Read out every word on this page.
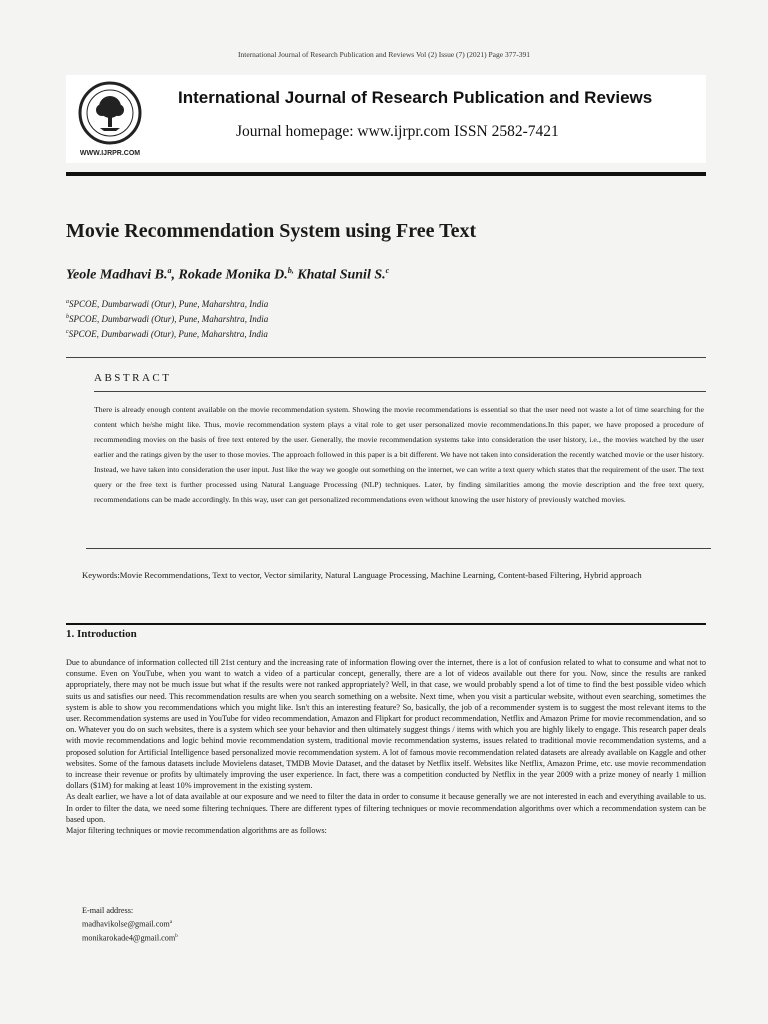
International Journal of Research Publication and Reviews Vol (2) Issue (7) (2021) Page 377-391
WWW.IJRPR.COM
International Journal of Research Publication and Reviews
Journal homepage: www.ijrpr.com ISSN 2582-7421
Movie Recommendation System using Free Text
Yeole Madhavi B.$^a$, Rokade Monika D.$^{b,}$ Khatal Sunil S.$^c$
$^a$SPCOE, Dumbarwadi (Otur), Pune, Maharshtra, India
$^b$SPCOE, Dumbarwadi (Otur), Pune, Maharshtra, India
$^c$SPCOE, Dumbarwadi (Otur), Pune, Maharshtra, India
ABSTRACT
There is already enough content available on the movie recommendation system. Showing the movie recommendations is essential so that the user need not waste a lot of time searching for the content which he/she might like. Thus, movie recommendation system plays a vital role to get user personalized movie recommendations.In this paper, we have proposed a procedure of recommending movies on the basis of free text entered by the user. Generally, the movie recommendation systems take into consideration the user history, i.e., the movies watched by the user earlier and the ratings given by the user to those movies. The approach followed in this paper is a bit different. We have not taken into consideration the recently watched movie or the user history. Instead, we have taken into consideration the user input. Just like the way we google out something on the internet, we can write a text query which states that the requirement of the user. The text query or the free text is further processed using Natural Language Processing (NLP) techniques. Later, by finding similarities among the movie description and the free text query, recommendations can be made accordingly. In this way, user can get personalized recommendations even without knowing the user history of previously watched movies.
Keywords:Movie Recommendations, Text to vector, Vector similarity, Natural Language Processing, Machine Learning, Content-based Filtering, Hybrid approach
1. Introduction

Due to abundance of information collected till 21st century and the increasing rate of information flowing over the internet, there is a lot of confusion related to what to consume and what not to consume. Even on YouTube, when you want to watch a video of a particular concept, generally, there are a lot of videos available out there for you. Now, since the results are ranked appropriately, there may not be much issue but what if the results were not ranked appropriately? Well, in that case, we would probably spend a lot of time to find the best possible video which suits us and satisfies our need. This recommendation results are when you search something on a website. Next time, when you visit a particular website, without even searching, sometimes the system is able to show you recommendations which you might like. Isn't this an interesting feature? So, basically, the job of a recommender system is to suggest the most relevant items to the user. Recommendation systems are used in YouTube for video recommendation, Amazon and Flipkart for product recommendation, Netflix and Amazon Prime for movie recommendation, and so on. Whatever you do on such websites, there is a system which see your behavior and then ultimately suggest things / items with which you are highly likely to engage. This research paper deals with movie recommendations and logic behind movie recommendation system, traditional movie recommendation systems, issues related to traditional movie recommendation systems, and a proposed solution for Artificial Intelligence based personalized movie recommendation system. A lot of famous movie recommendation related datasets are already available on Kaggle and other websites. Some of the famous datasets include Movielens dataset, TMDB Movie Dataset, and the dataset by Netflix itself. Websites like Netflix, Amazon Prime, etc. use movie recommendation to increase their revenue or profits by ultimately improving the user experience. In fact, there was a competition conducted by Netflix in the year 2009 with a prize money of nearly 1 million dollars ($1M) for making at least 10% improvement in the existing system.

As dealt earlier, we have a lot of data available at our exposure and we need to filter the data in order to consume it because generally we are not interested in each and everything available to us. In order to filter the data, we need some filtering techniques. There are different types of filtering techniques or movie recommendation algorithms over which a recommendation system can be based upon.

Major filtering techniques or movie recommendation algorithms are as follows:

E-mail address:
madhavikolse@gmail.com$^a$
monikarokade4@gmail.com$^b$
